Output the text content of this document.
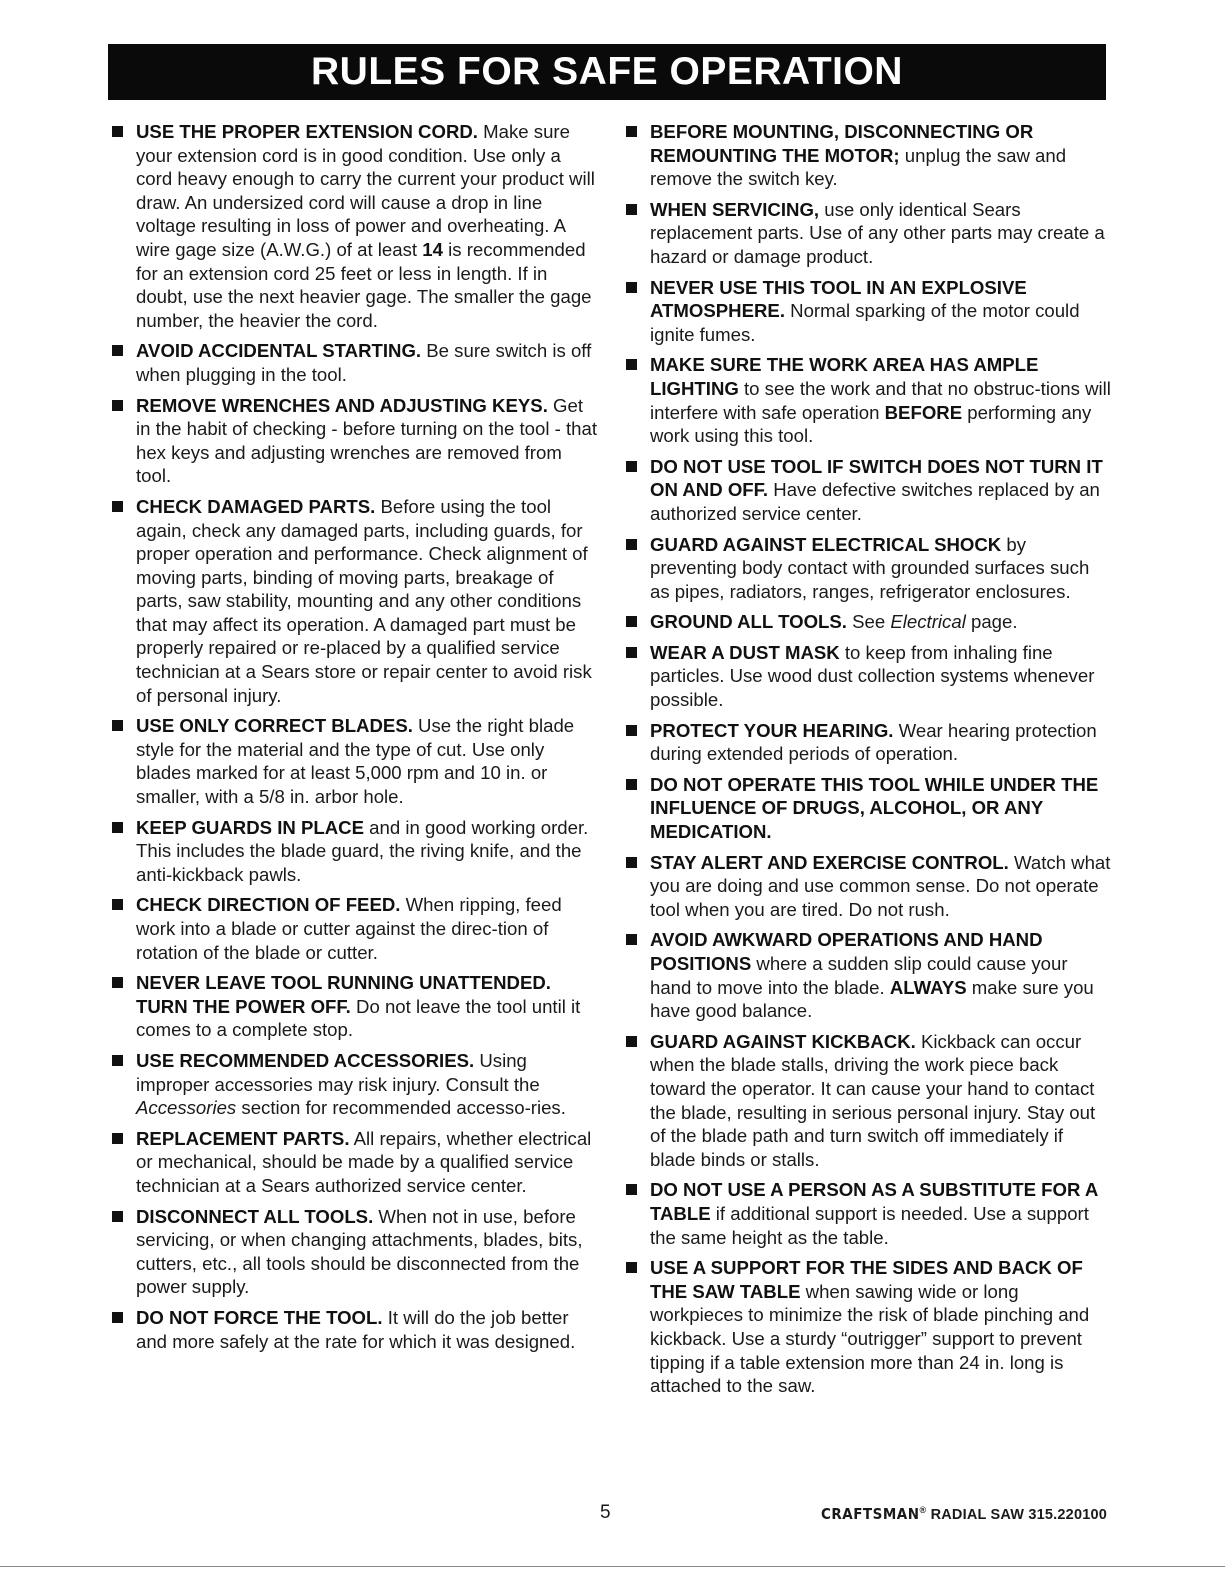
RULES FOR SAFE OPERATION
USE THE PROPER EXTENSION CORD. Make sure your extension cord is in good condition. Use only a cord heavy enough to carry the current your product will draw. An undersized cord will cause a drop in line voltage resulting in loss of power and overheating. A wire gage size (A.W.G.) of at least 14 is recommended for an extension cord 25 feet or less in length. If in doubt, use the next heavier gage. The smaller the gage number, the heavier the cord.
AVOID ACCIDENTAL STARTING. Be sure switch is off when plugging in the tool.
REMOVE WRENCHES AND ADJUSTING KEYS. Get in the habit of checking - before turning on the tool - that hex keys and adjusting wrenches are removed from tool.
CHECK DAMAGED PARTS. Before using the tool again, check any damaged parts, including guards, for proper operation and performance. Check alignment of moving parts, binding of moving parts, breakage of parts, saw stability, mounting and any other conditions that may affect its operation. A damaged part must be properly repaired or re-placed by a qualified service technician at a Sears store or repair center to avoid risk of personal injury.
USE ONLY CORRECT BLADES. Use the right blade style for the material and the type of cut. Use only blades marked for at least 5,000 rpm and 10 in. or smaller, with a 5/8 in. arbor hole.
KEEP GUARDS IN PLACE and in good working order. This includes the blade guard, the riving knife, and the anti-kickback pawls.
CHECK DIRECTION OF FEED. When ripping, feed work into a blade or cutter against the direc-tion of rotation of the blade or cutter.
NEVER LEAVE TOOL RUNNING UNATTENDED. TURN THE POWER OFF. Do not leave the tool until it comes to a complete stop.
USE RECOMMENDED ACCESSORIES. Using improper accessories may risk injury. Consult the Accessories section for recommended accesso-ries.
REPLACEMENT PARTS. All repairs, whether electrical or mechanical, should be made by a qualified service technician at a Sears authorized service center.
DISCONNECT ALL TOOLS. When not in use, before servicing, or when changing attachments, blades, bits, cutters, etc., all tools should be disconnected from the power supply.
DO NOT FORCE THE TOOL. It will do the job better and more safely at the rate for which it was designed.
BEFORE MOUNTING, DISCONNECTING OR REMOUNTING THE MOTOR; unplug the saw and remove the switch key.
WHEN SERVICING, use only identical Sears replacement parts. Use of any other parts may create a hazard or damage product.
NEVER USE THIS TOOL IN AN EXPLOSIVE ATMOSPHERE. Normal sparking of the motor could ignite fumes.
MAKE SURE THE WORK AREA HAS AMPLE LIGHTING to see the work and that no obstruc-tions will interfere with safe operation BEFORE performing any work using this tool.
DO NOT USE TOOL IF SWITCH DOES NOT TURN IT ON AND OFF. Have defective switches replaced by an authorized service center.
GUARD AGAINST ELECTRICAL SHOCK by preventing body contact with grounded surfaces such as pipes, radiators, ranges, refrigerator enclosures.
GROUND ALL TOOLS. See Electrical page.
WEAR A DUST MASK to keep from inhaling fine particles. Use wood dust collection systems whenever possible.
PROTECT YOUR HEARING. Wear hearing protection during extended periods of operation.
DO NOT OPERATE THIS TOOL WHILE UNDER THE INFLUENCE OF DRUGS, ALCOHOL, OR ANY MEDICATION.
STAY ALERT AND EXERCISE CONTROL. Watch what you are doing and use common sense. Do not operate tool when you are tired. Do not rush.
AVOID AWKWARD OPERATIONS AND HAND POSITIONS where a sudden slip could cause your hand to move into the blade. ALWAYS make sure you have good balance.
GUARD AGAINST KICKBACK. Kickback can occur when the blade stalls, driving the work piece back toward the operator. It can cause your hand to contact the blade, resulting in serious personal injury. Stay out of the blade path and turn switch off immediately if blade binds or stalls.
DO NOT USE A PERSON AS A SUBSTITUTE FOR A TABLE if additional support is needed. Use a support the same height as the table.
USE A SUPPORT FOR THE SIDES AND BACK OF THE SAW TABLE when sawing wide or long workpieces to minimize the risk of blade pinching and kickback. Use a sturdy “outrigger” support to prevent tipping if a table extension more than 24 in. long is attached to the saw.
5	CRAFTSMAN® RADIAL SAW 315.220100
